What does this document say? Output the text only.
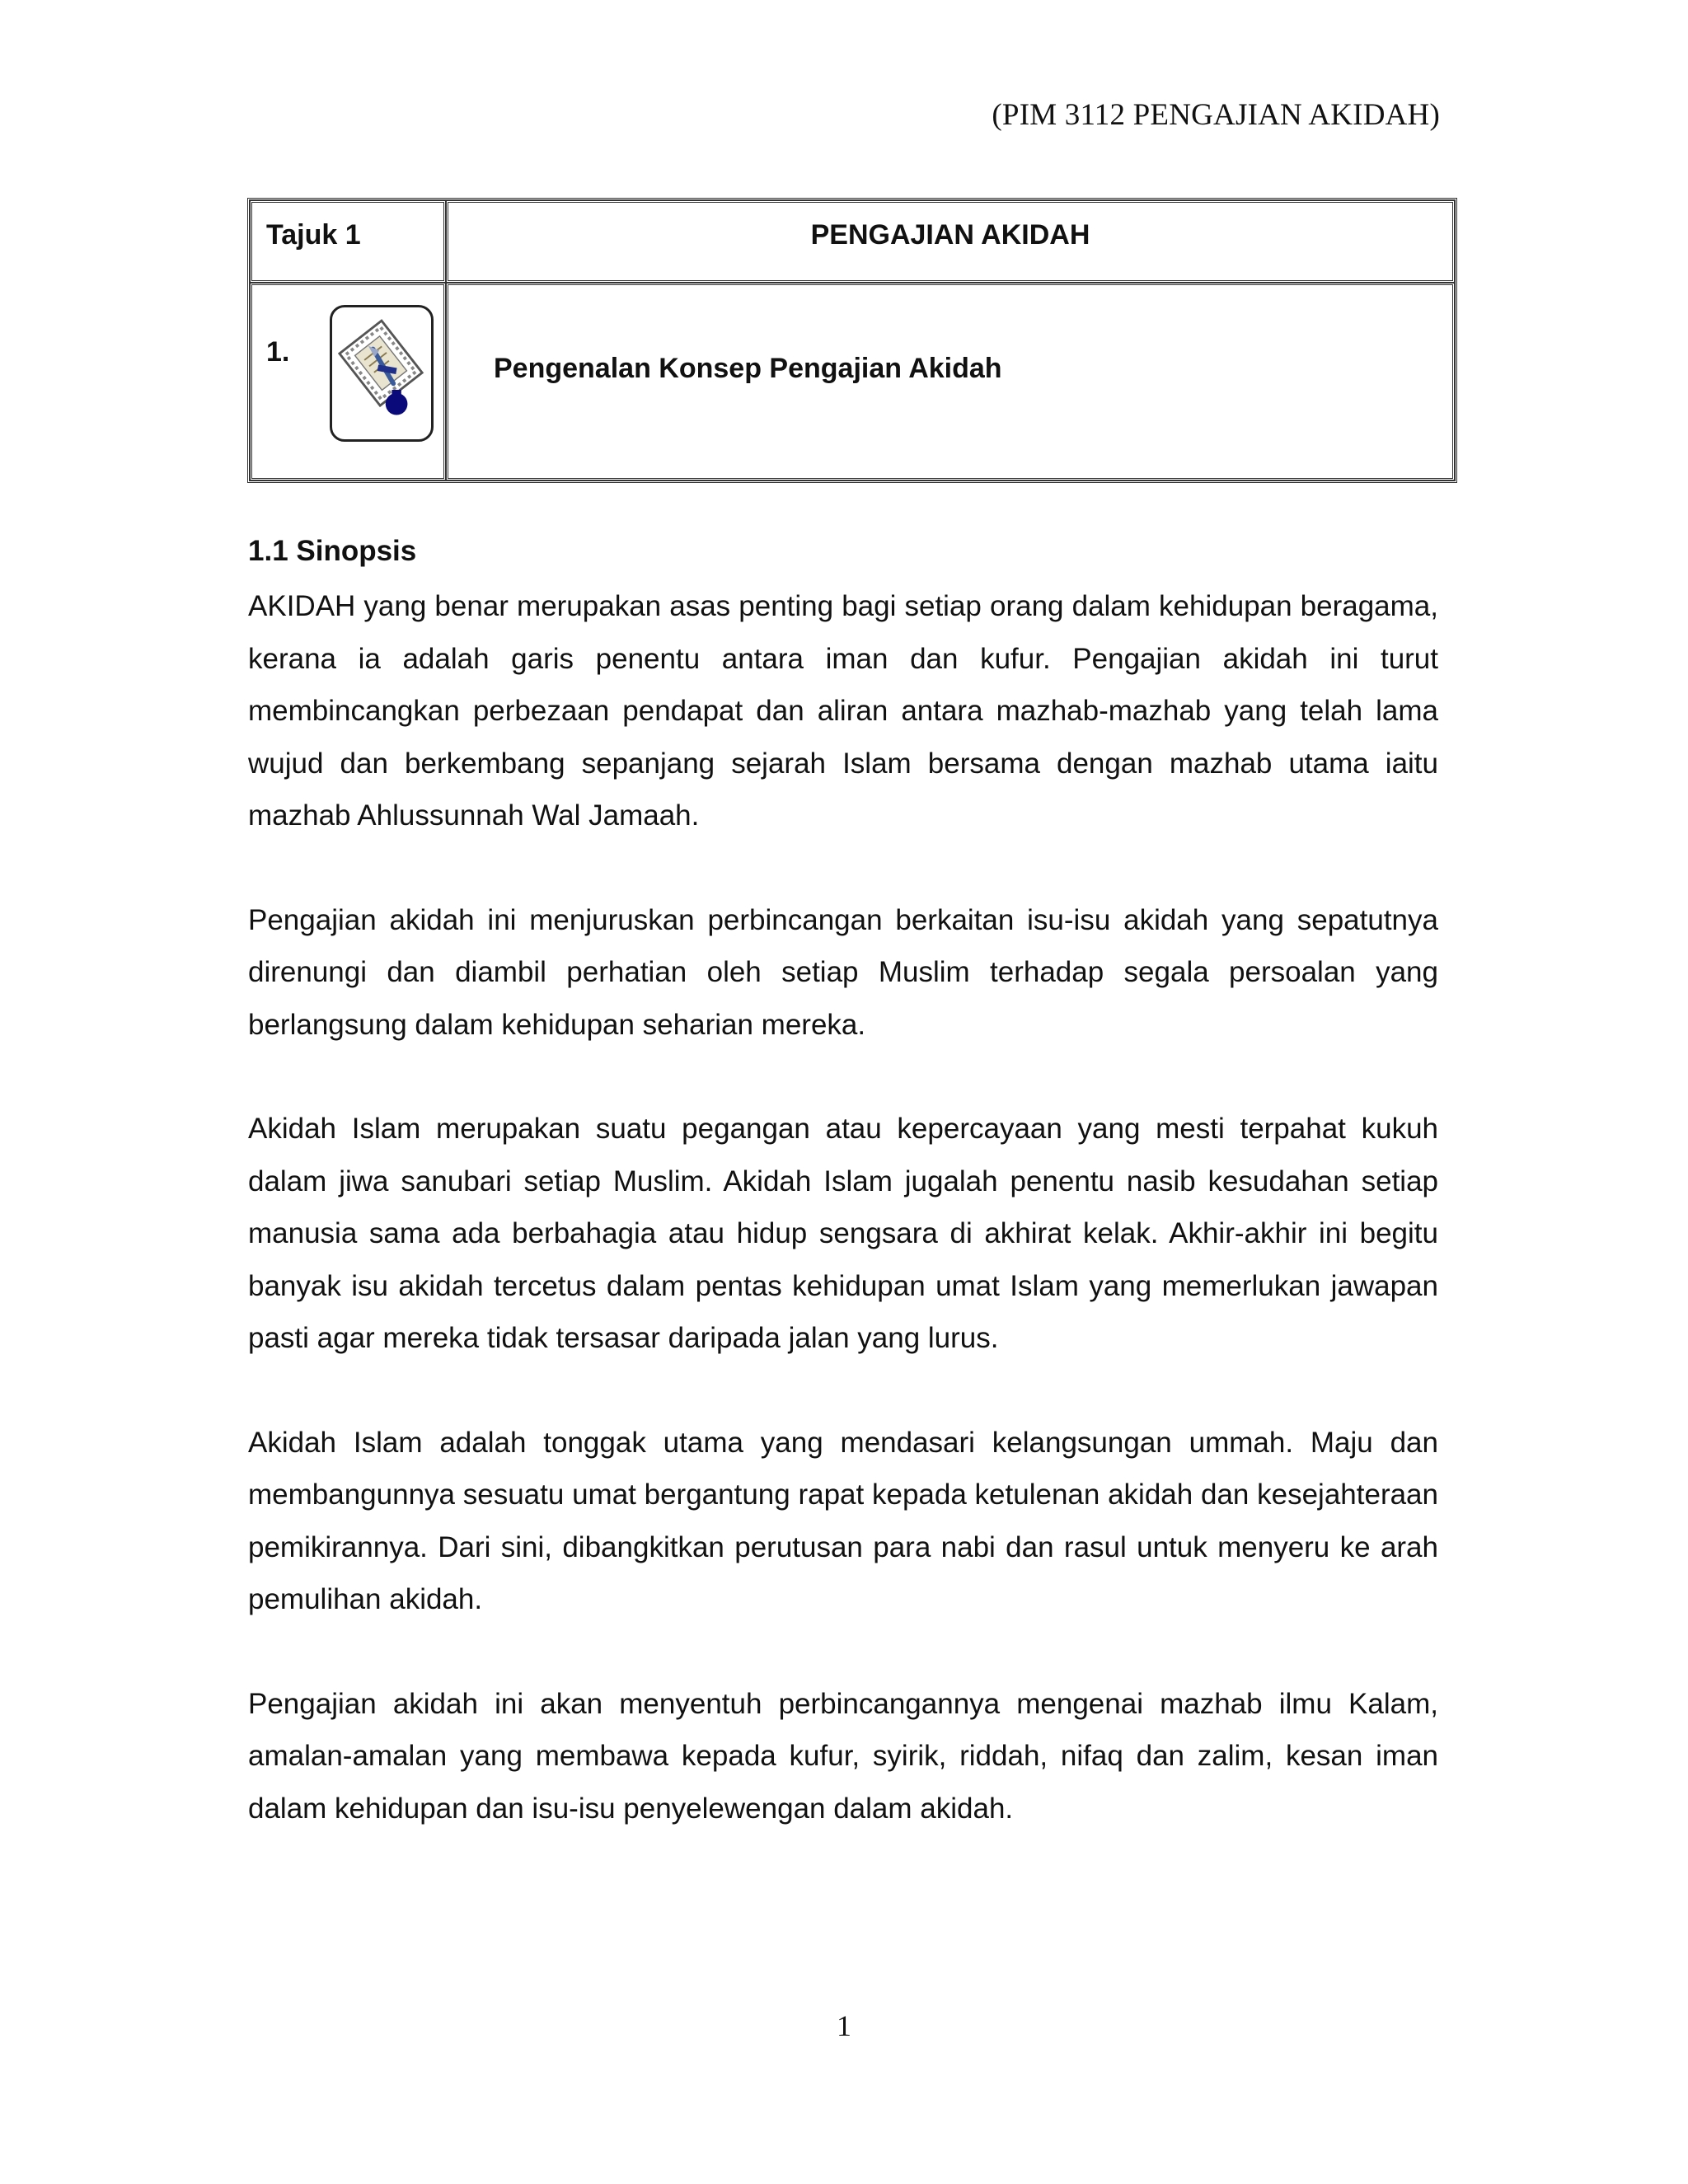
(PIM 3112 PENGAJIAN AKIDAH)
Tajuk 1	PENGAJIAN AKIDAH

1.	Pengenalan Konsep Pengajian Akidah
1.1 Sinopsis

AKIDAH yang benar merupakan asas penting bagi setiap orang dalam kehidupan beragama, kerana ia adalah garis penentu antara iman dan kufur. Pengajian akidah ini turut membincangkan perbezaan pendapat dan aliran antara mazhab-mazhab yang telah lama wujud dan berkembang sepanjang sejarah Islam bersama dengan mazhab utama iaitu mazhab Ahlussunnah Wal Jamaah.

Pengajian akidah ini menjuruskan perbincangan berkaitan isu-isu akidah yang sepatutnya direnungi dan diambil perhatian oleh setiap Muslim terhadap segala persoalan yang berlangsung dalam kehidupan seharian mereka.

Akidah Islam merupakan suatu pegangan atau kepercayaan yang mesti terpahat kukuh dalam jiwa sanubari setiap Muslim. Akidah Islam jugalah penentu nasib kesudahan setiap manusia sama ada berbahagia atau hidup sengsara di akhirat kelak. Akhir-akhir ini begitu banyak isu akidah tercetus dalam pentas kehidupan umat Islam yang memerlukan jawapan pasti agar mereka tidak tersasar daripada jalan yang lurus.

Akidah Islam adalah tonggak utama yang mendasari kelangsungan ummah. Maju dan membangunnya sesuatu umat bergantung rapat kepada ketulenan akidah dan kesejahteraan pemikirannya. Dari sini, dibangkitkan perutusan para nabi dan rasul untuk menyeru ke arah pemulihan akidah.

Pengajian akidah ini akan menyentuh perbincangannya mengenai mazhab ilmu Kalam, amalan-amalan yang membawa kepada kufur, syirik, riddah, nifaq dan zalim, kesan iman dalam kehidupan dan isu-isu penyelewengan dalam akidah.

1
